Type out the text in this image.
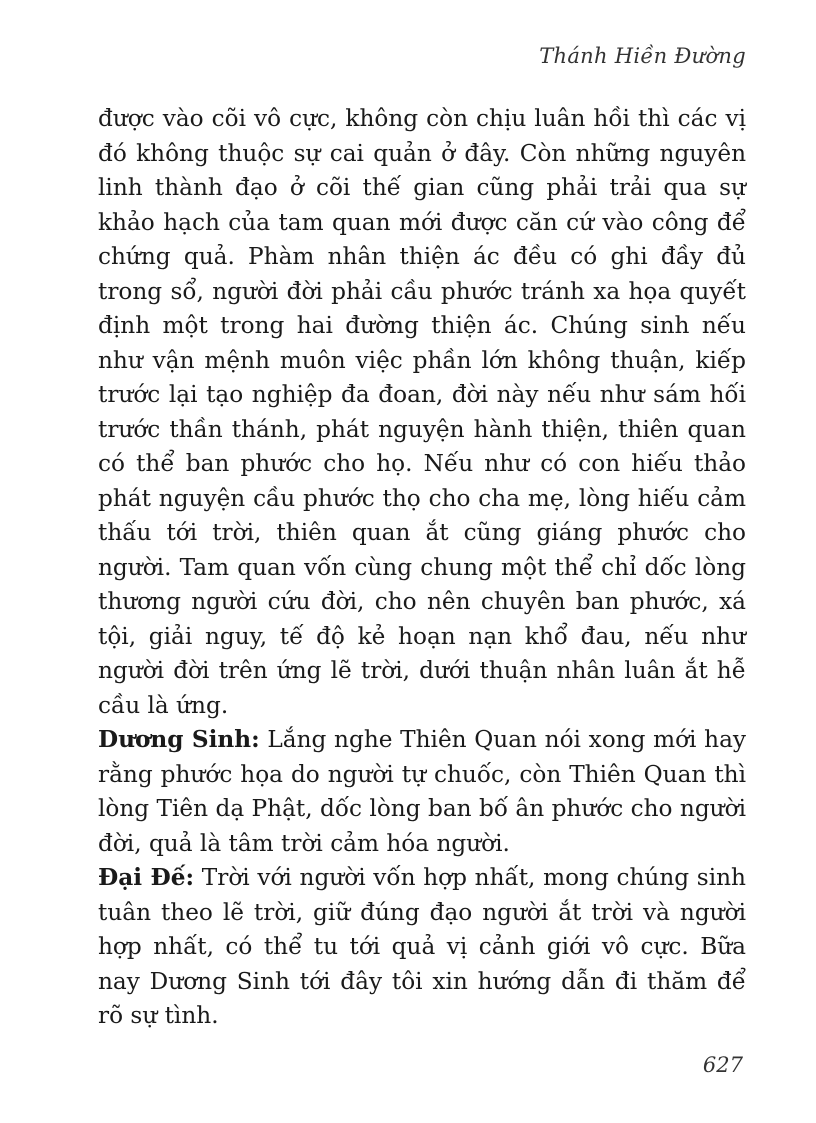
Thánh Hiền Đường

được vào cõi vô cực, không còn chịu luân hồi thì các vị đó không thuộc sự cai quản ở đây. Còn những nguyên linh thành đạo ở cõi thế gian cũng phải trải qua sự khảo hạch của tam quan mới được căn cứ vào công để chứng quả. Phàm nhân thiện ác đều có ghi đầy đủ trong sổ, người đời phải cầu phước tránh xa họa quyết định một trong hai đường thiện ác. Chúng sinh nếu như vận mệnh muôn việc phần lớn không thuận, kiếp trước lại tạo nghiệp đa đoan, đời này nếu như sám hối trước thần thánh, phát nguyện hành thiện, thiên quan có thể ban phước cho họ. Nếu như có con hiếu thảo phát nguyện cầu phước thọ cho cha mẹ, lòng hiếu cảm thấu tới trời, thiên quan ắt cũng giáng phước cho người. Tam quan vốn cùng chung một thể chỉ dốc lòng thương người cứu đời, cho nên chuyên ban phước, xá tội, giải nguy, tế độ kẻ hoạn nạn khổ đau, nếu như người đời trên ứng lẽ trời, dưới thuận nhân luân ắt hễ cầu là ứng.

Dương Sinh: Lắng nghe Thiên Quan nói xong mới hay rằng phước họa do người tự chuốc, còn Thiên Quan thì lòng Tiên dạ Phật, dốc lòng ban bố ân phước cho người đời, quả là tâm trời cảm hóa người.

Đại Đế: Trời với người vốn hợp nhất, mong chúng sinh tuân theo lẽ trời, giữ đúng đạo người ắt trời và người hợp nhất, có thể tu tới quả vị cảnh giới vô cực. Bữa nay Dương Sinh tới đây tôi xin hướng dẫn đi thăm để rõ sự tình.

627
